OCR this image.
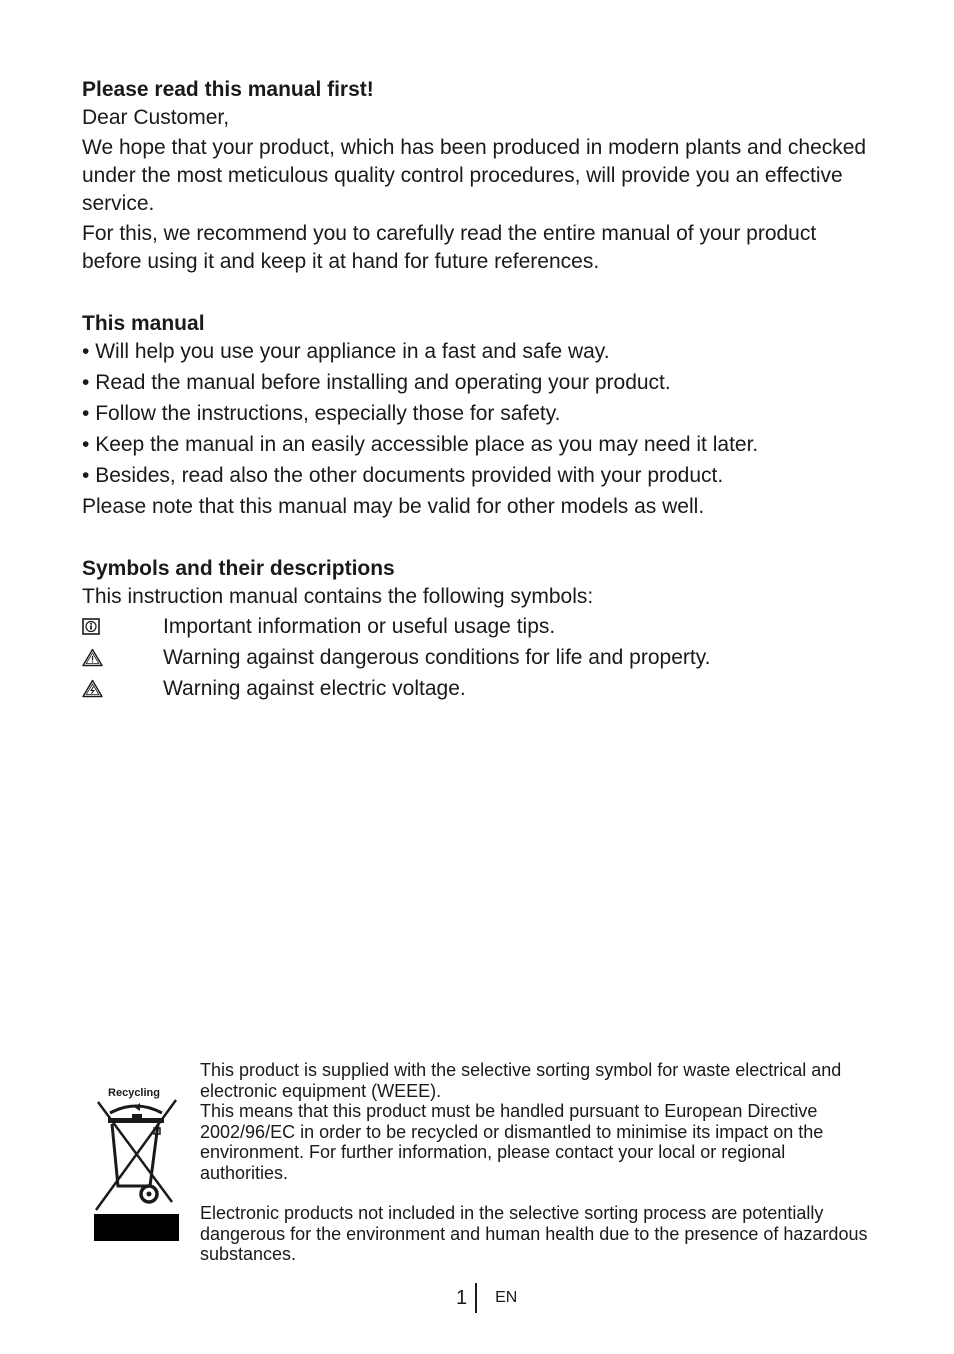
Please read this manual first!

Dear Customer,

We hope that your product, which has been produced in modern plants and checked under the most meticulous quality control procedures, will provide you an effective service.

For this, we recommend you to carefully read the entire manual of your product before using it and keep it at hand for future references.

This manual
• Will help you use your appliance in a fast and safe way.
• Read the manual before installing and operating your product.
• Follow the instructions, especially those for safety.
• Keep the manual in an easily accessible place as you may need it later.
• Besides, read also the other documents provided with your product.

Please note that this manual may be valid for other models as well.

Symbols and their descriptions

This instruction manual contains the following symbols:

Important information or useful usage tips.
Warning against dangerous conditions for life and property.
Warning against electric voltage.
Recycling

This product is supplied with the selective sorting symbol for waste electrical and electronic equipment (WEEE).

This means that this product must be handled pursuant to European Directive 2002/96/EC in order to be recycled or dismantled to minimise its impact on the environment. For further information, please contact your local or regional authorities.

Electronic products not included in the selective sorting process are potentially dangerous for the environment and human health due to the presence of hazardous substances.

1 EN
